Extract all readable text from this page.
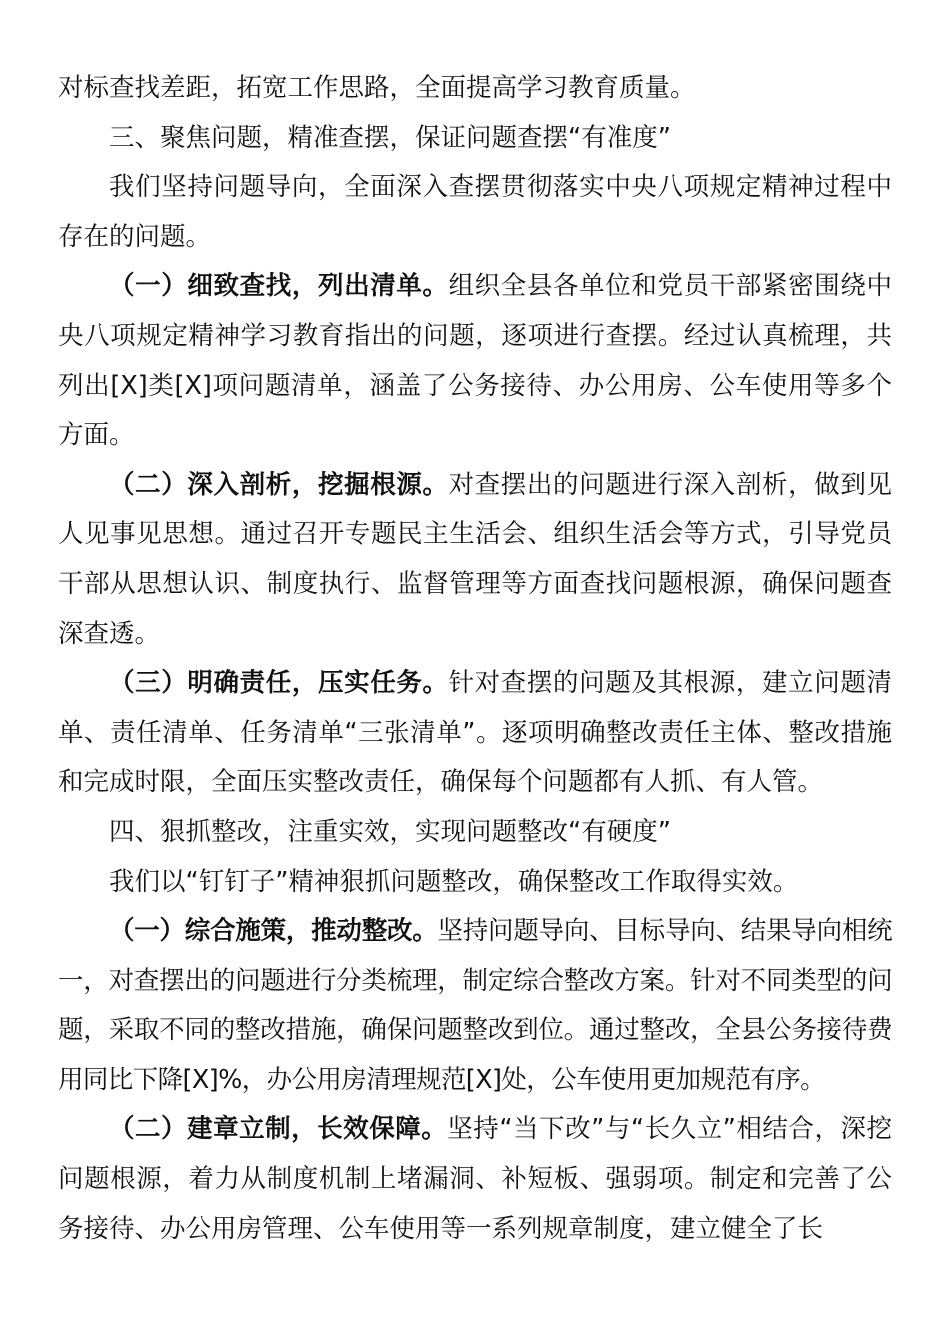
对标查找差距，拓宽工作思路，全面提高学习教育质量。

三、聚焦问题，精准查摆，保证问题查摆“有准度”

我们坚持问题导向，全面深入查摆贯彻落实中央八项规定精神过程中存在的问题。

（一）细致查找，列出清单。组织全县各单位和党员干部紧密围绕中央八项规定精神学习教育指出的问题，逐项进行查摆。经过认真梳理，共列出[X]类[X]项问题清单，涵盖了公务接待、办公用房、公车使用等多个方面。

（二）深入剖析，挖掘根源。对查摆出的问题进行深入剖析，做到见人见事见思想。通过召开专题民主生活会、组织生活会等方式，引导党员干部从思想认识、制度执行、监督管理等方面查找问题根源，确保问题查深查透。

（三）明确责任，压实任务。针对查摆的问题及其根源，建立问题清单、责任清单、任务清单“三张清单”。逐项明确整改责任主体、整改措施和完成时限，全面压实整改责任，确保每个问题都有人抓、有人管。

四、狠抓整改，注重实效，实现问题整改“有硬度”

我们以“钉钉子”精神狠抓问题整改，确保整改工作取得实效。

（一）综合施策，推动整改。坚持问题导向、目标导向、结果导向相统一，对查摆出的问题进行分类梳理，制定综合整改方案。针对不同类型的问题，采取不同的整改措施，确保问题整改到位。通过整改，全县公务接待费用同比下降[X]%，办公用房清理规范[X]处，公车使用更加规范有序。

（二）建章立制，长效保障。坚持“当下改”与“长久立”相结合，深挖问题根源，着力从制度机制上堵漏洞、补短板、强弱项。制定和完善了公务接待、办公用房管理、公车使用等一系列规章制度，建立健全了长
